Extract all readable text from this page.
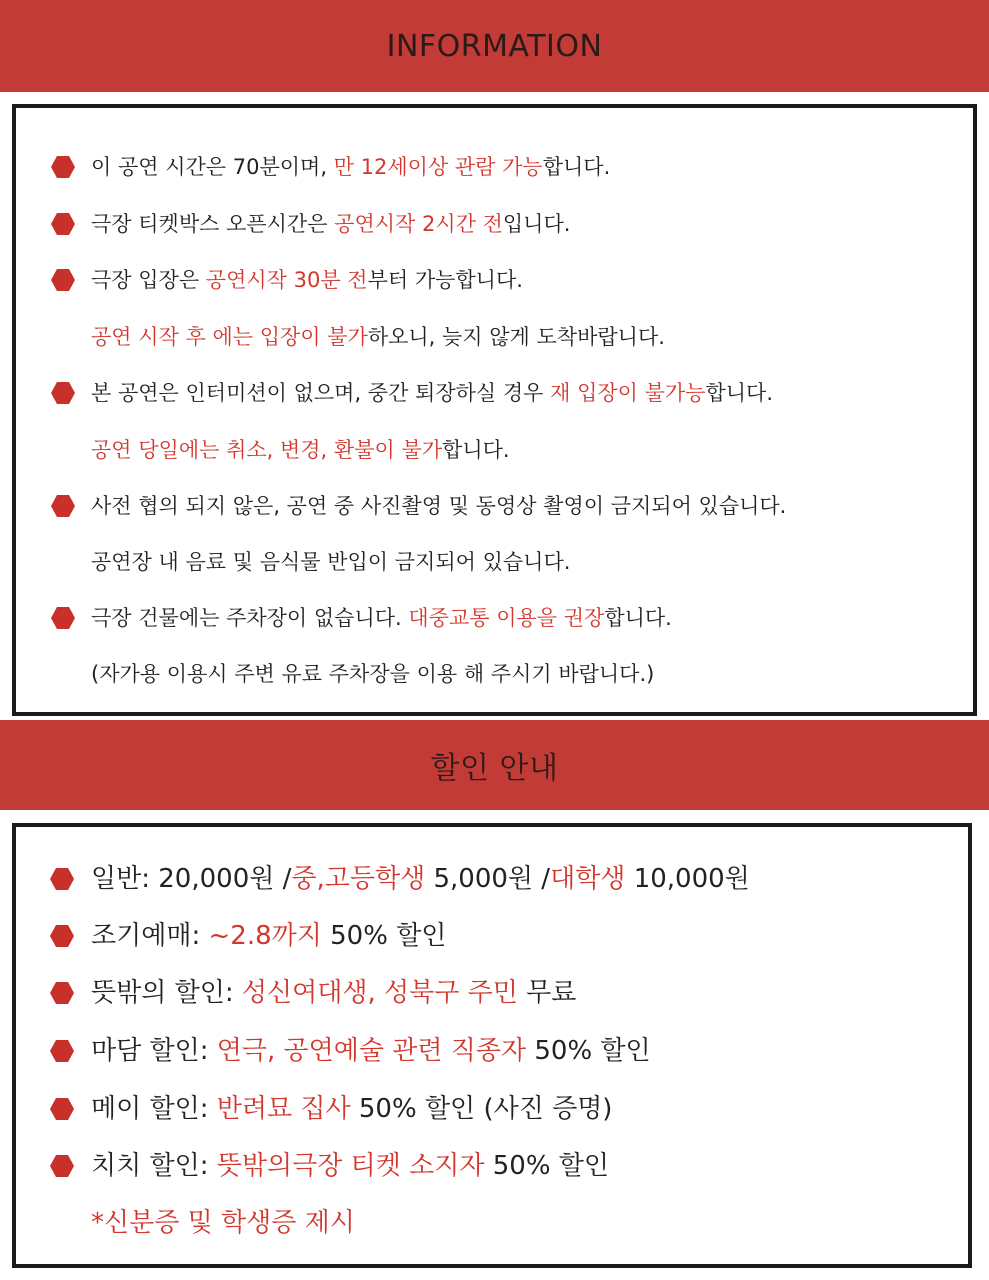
INFORMATION
이 공연 시간은 70분이며, 만 12세이상 관람 가능합니다.
극장 티켓박스 오픈시간은 공연시작 2시간 전입니다.
극장 입장은 공연시작 30분 전부터 가능합니다.
공연 시작 후 에는 입장이 불가하오니, 늦지 않게 도착바랍니다.
본 공연은 인터미션이 없으며, 중간 퇴장하실 경우 재 입장이 불가능합니다.
공연 당일에는 취소, 변경, 환불이 불가합니다.
사전 협의 되지 않은, 공연 중 사진촬영 및 동영상 촬영이 금지되어 있습니다.
공연장 내 음료 및 음식물 반입이 금지되어 있습니다.
극장 건물에는 주차장이 없습니다. 대중교통 이용을 권장합니다.
(자가용 이용시 주변 유료 주차장을 이용 해 주시기 바랍니다.)
할인 안내
일반: 20,000원 /중,고등학생 5,000원 /대학생 10,000원
조기예매: ~2.8까지 50% 할인
뜻밖의 할인: 성신여대생, 성북구 주민 무료
마담 할인: 연극, 공연예술 관련 직종자 50% 할인
메이 할인: 반려묘 집사 50% 할인 (사진 증명)
치치 할인: 뜻밖의극장 티켓 소지자 50% 할인
*신분증 및 학생증 제시
